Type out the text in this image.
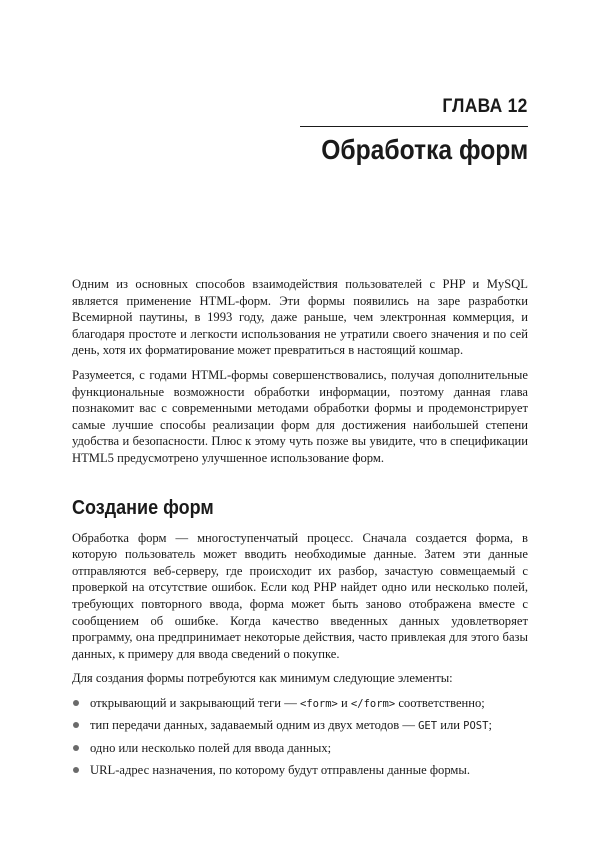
ГЛАВА 12
Обработка форм

Одним из основных способов взаимодействия пользователей с PHP и MySQL является применение HTML-форм. Эти формы появились на заре разработки Всемирной паутины, в 1993 году, даже раньше, чем электронная коммерция, и благодаря простоте и легкости использования не утратили своего значения и по сей день, хотя их форматирование может превратиться в настоящий кошмар.

Разумеется, с годами HTML-формы совершенствовались, получая дополнительные функциональные возможности обработки информации, поэтому данная глава познакомит вас с современными методами обработки формы и продемонстрирует самые лучшие способы реализации форм для достижения наибольшей степени удобства и безопасности. Плюс к этому чуть позже вы увидите, что в спецификации HTML5 предусмотрено улучшенное использование форм.

Создание форм

Обработка форм — многоступенчатый процесс. Сначала создается форма, в которую пользователь может вводить необходимые данные. Затем эти данные отправляются веб-серверу, где происходит их разбор, зачастую совмещаемый с проверкой на отсутствие ошибок. Если код PHP найдет одно или несколько полей, требующих повторного ввода, форма может быть заново отображена вместе с сообщением об ошибке. Когда качество введенных данных удовлетворяет программу, она предпринимает некоторые действия, часто привлекая для этого базы данных, к примеру для ввода сведений о покупке.

Для создания формы потребуются как минимум следующие элементы:

открывающий и закрывающий теги — <form> и </form> соответственно;
тип передачи данных, задаваемый одним из двух методов — GET или POST;
одно или несколько полей для ввода данных;
URL-адрес назначения, по которому будут отправлены данные формы.
